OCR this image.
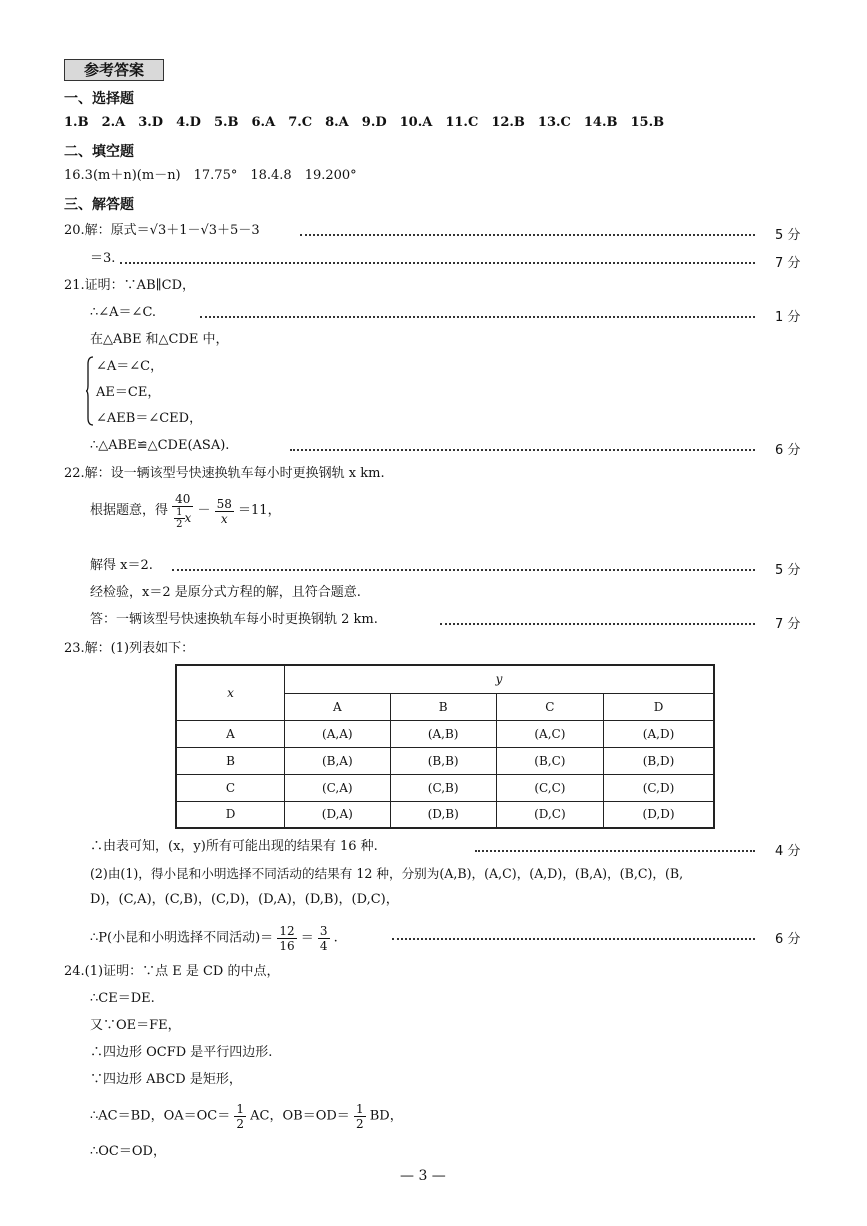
参考答案
一、选择题
1.B 2.A 3.D 4.D 5.B 6.A 7.C 8.A 9.D 10.A 11.C 12.B 13.C 14.B 15.B
二、填空题
16.3(m＋n)(m－n)　17.75°　18.4.8　19.200°
三、解答题
20.解：原式＝√3＋1－√3＋5－3	5 分
＝3.	7 分
21.证明：∵AB∥CD，
∴∠A＝∠C.	1 分
在△ABE 和△CDE 中，
∠A＝∠C，
AE＝CE，
∠AEB＝∠CED，
∴△ABE≌△CDE(ASA).	6 分
22.解：设一辆该型号快速换轨车每小时更换钢轨 x km.
根据题意，得 $\frac{40}{\frac{1}{2} x} - \frac{58}{x} =11$，
解得 x＝2.	5 分
经检验，x＝2 是原分式方程的解，且符合题意.
答：一辆该型号快速换轨车每小时更换钢轨 2 km.	7 分
23.解：(1)列表如下：
x	y			
	A	B	C	D
A	(A,A)	(A,B)	(A,C)	(A,D)
B	(B,A)	(B,B)	(B,C)	(B,D)
C	(C,A)	(C,B)	(C,C)	(C,D)
D	(D,A)	(D,B)	(D,C)	(D,D)
∴由表可知，(x，y)所有可能出现的结果有 16 种.	4 分
(2)由(1)，得小昆和小明选择不同活动的结果有 12 种，分别为(A,B)，(A,C)，(A,D)，(B,A)，(B,C)，(B,
D)，(C,A)，(C,B)，(C,D)，(D,A)，(D,B)，(D,C)，
∴P(小昆和小明选择不同活动)＝ $\frac{12}{16} = \frac{3}{4}$ .	6 分
24.(1)证明：∵点 E 是 CD 的中点，
∴CE＝DE.
又∵OE＝FE，
∴四边形 OCFD 是平行四边形.
∵四边形 ABCD 是矩形，
∴AC＝BD，$OA=OC= \frac{1}{2}$ AC，$OB=OD= \frac{1}{2}$ BD，
∴OC＝OD，
— 3 —
